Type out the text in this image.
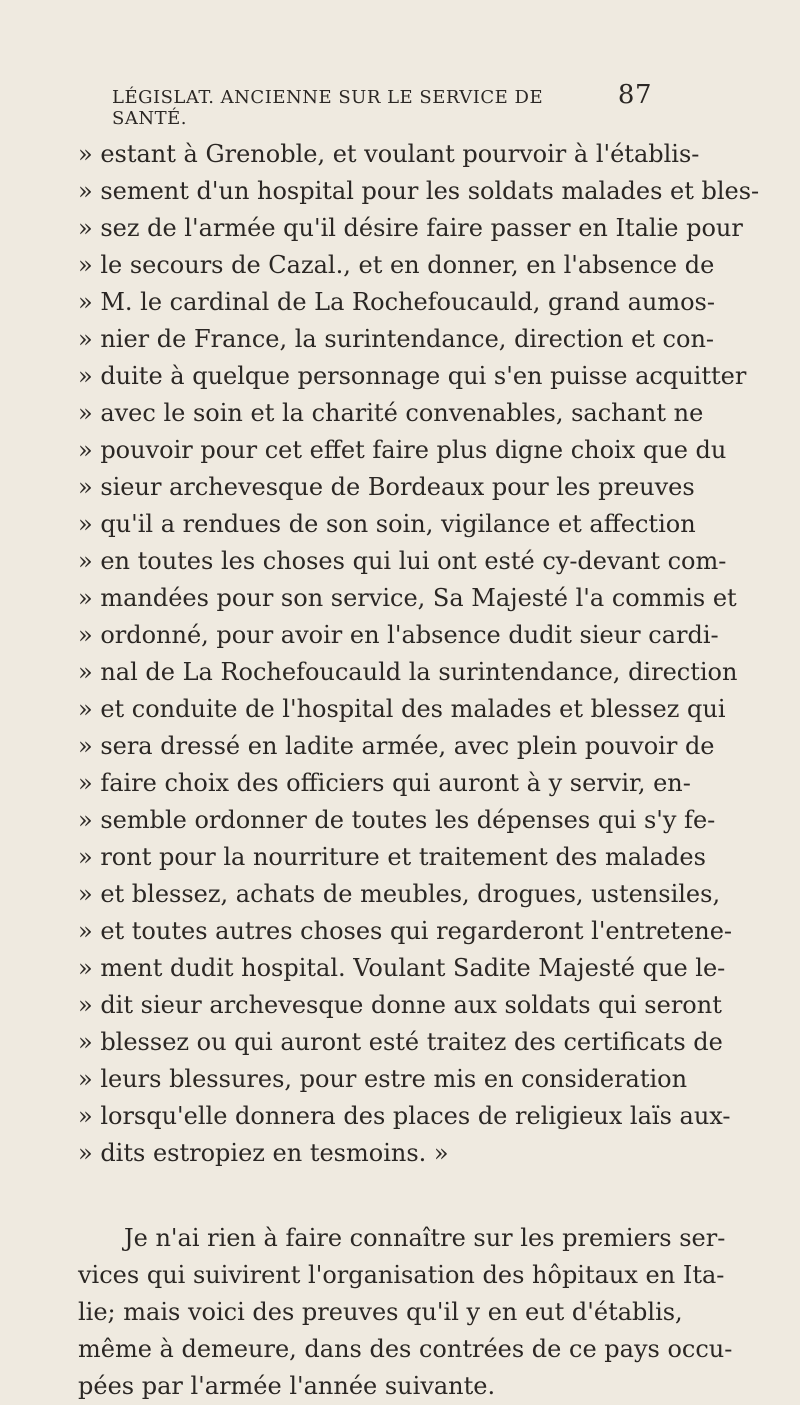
LÉGISLAT. ANCIENNE SUR LE SERVICE DE SANTÉ.
87
» estant à Grenoble, et voulant pourvoir à l'établis-
» sement d'un hospital pour les soldats malades et bles-
» sez de l'armée qu'il désire faire passer en Italie pour
» le secours de Cazal., et en donner, en l'absence de
» M. le cardinal de La Rochefoucauld, grand aumos-
» nier de France, la surintendance, direction et con-
» duite à quelque personnage qui s'en puisse acquitter
» avec le soin et la charité convenables, sachant ne
» pouvoir pour cet effet faire plus digne choix que du
» sieur archevesque de Bordeaux pour les preuves
» qu'il a rendues de son soin, vigilance et affection
» en toutes les choses qui lui ont esté cy-devant com-
» mandées pour son service, Sa Majesté l'a commis et
» ordonné, pour avoir en l'absence dudit sieur cardi-
» nal de La Rochefoucauld la surintendance, direction
» et conduite de l'hospital des malades et blessez qui
» sera dressé en ladite armée, avec plein pouvoir de
» faire choix des officiers qui auront à y servir, en-
» semble ordonner de toutes les dépenses qui s'y fe-
» ront pour la nourriture et traitement des malades
» et blessez, achats de meubles, drogues, ustensiles,
» et toutes autres choses qui regarderont l'entretene-
» ment dudit hospital. Voulant Sadite Majesté que le-
» dit sieur archevesque donne aux soldats qui seront
» blessez ou qui auront esté traitez des certificats de
» leurs blessures, pour estre mis en consideration
» lorsqu'elle donnera des places de religieux laïs aux-
» dits estropiez en tesmoins. »
Je n'ai rien à faire connaître sur les premiers ser-
vices qui suivirent l'organisation des hôpitaux en Ita-
lie; mais voici des preuves qu'il y en eut d'établis,
même à demeure, dans des contrées de ce pays occu-
pées par l'armée l'année suivante.
